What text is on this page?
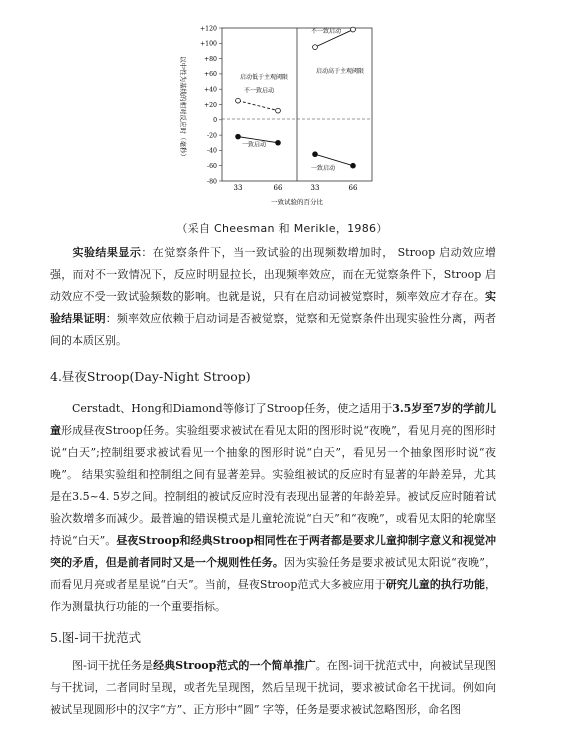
以中性为基线的相对反应时（毫秒）
+120
+100
+80
+60
+40
+20
0
-20
-40
-60
-80
启动低于主观阈限
启动高于主观阈限
不一致启动
一致启动
不一致启动
一致启动
33	66	33	66
一致试验的百分比
（采自 Cheesman 和 Merikle，1986）

实验结果显示：在觉察条件下，当一致试验的出现频数增加时， Stroop 启动效应增强，而对不一致情况下，反应时明显拉长，出现频率效应，而在无觉察条件下，Stroop 启动效应不受一致试验频数的影响。也就是说，只有在启动词被觉察时，频率效应才存在。实验结果证明：频率效应依赖于启动词是否被觉察，觉察和无觉察条件出现实验性分离，两者间的本质区别。

4.昼夜Stroop(Day-Night Stroop)

Cerstadt、Hong和Diamond等修订了Stroop任务，使之适用于3.5岁至7岁的学前儿童形成昼夜Stroop任务。实验组要求被试在看见太阳的图形时说“夜晚”，看见月亮的图形时说“白天”;控制组要求被试看见一个抽象的图形时说“白天”，看见另一个抽象图形时说“夜晚”。 结果实验组和控制组之间有显著差异。实验组被试的反应时有显著的年龄差异，尤其是在3.5~4. 5岁之间。控制组的被试反应时没有表现出显著的年龄差异。被试反应时随着试验次数增多而减少。最普遍的错误模式是儿童轮流说“白天”和“夜晚”，或看见太阳的轮廓坚持说“白天”。昼夜Stroop和经典Stroop相同性在于两者都是要求儿童抑制字意义和视觉冲突的矛盾，但是前者同时又是一个规则性任务。因为实验任务是要求被试见太阳说“夜晚”，而看见月亮或者星星说“白天”。当前，昼夜Stroop范式大多被应用于研究儿童的执行功能，作为测量执行功能的一个重要指标。

5.图-词干扰范式

图-词干扰任务是经典Stroop范式的一个简单推广。在图-词干扰范式中，向被试呈现图与干扰词，二者同时呈现，或者先呈现图，然后呈现干扰词，要求被试命名干扰词。例如向被试呈现圆形中的汉字“方”、正方形中“圆” 字等，任务是要求被试忽略图形，命名图
